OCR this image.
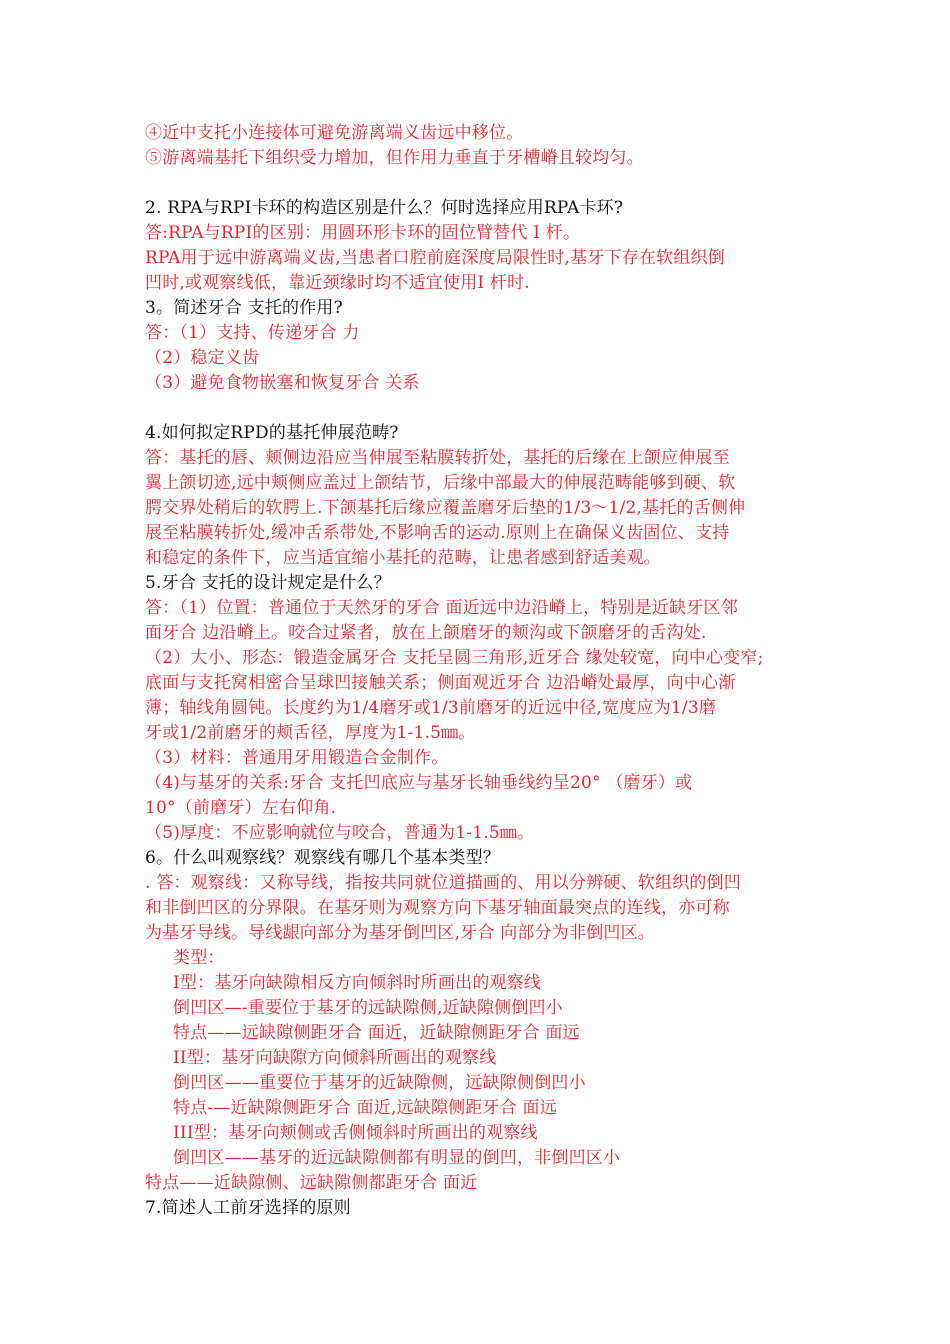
④近中支托小连接体可避免游离端义齿远中移位。
⑤游离端基托下组织受力增加，但作用力垂直于牙槽嵴且较均匀。
2. RPA与RPI卡环的构造区别是什么？何时选择应用RPA卡环?
答:RPA与RPI的区别：用圆环形卡环的固位臂替代 I 杆。
RPA用于远中游离端义齿,当患者口腔前庭深度局限性时,基牙下存在软组织倒
凹时,或观察线低，靠近颈缘时均不适宜使用I 杆时.
3。简述牙合 支托的作用?
答：（1）支持、传递牙合 力
（2）稳定义齿
（3）避免食物嵌塞和恢复牙合 关系
4.如何拟定RPD的基托伸展范畴?
答：基托的唇、颊侧边沿应当伸展至粘膜转折处，基托的后缘在上颌应伸展至
翼上颌切迹,远中颊侧应盖过上颌结节，后缘中部最大的伸展范畴能够到硬、软
腭交界处稍后的软腭上.下颌基托后缘应覆盖磨牙后垫的1/3～1/2,基托的舌侧伸
展至粘膜转折处,缓冲舌系带处,不影响舌的运动.原则上在确保义齿固位、支持
和稳定的条件下，应当适宜缩小基托的范畴，让患者感到舒适美观。
5.牙合 支托的设计规定是什么？
答：（1）位置：普通位于天然牙的牙合 面近远中边沿嵴上，特别是近缺牙区邻
面牙合 边沿嵴上。咬合过紧者，放在上颌磨牙的颊沟或下颌磨牙的舌沟处.
（2）大小、形态：锻造金属牙合 支托呈圆三角形,近牙合 缘处较宽，向中心变窄;
底面与支托窝相密合呈球凹接触关系；侧面观近牙合 边沿嵴处最厚，向中心渐
薄；轴线角圆钝。长度约为1/4磨牙或1/3前磨牙的近远中径,宽度应为1/3磨
牙或1/2前磨牙的颊舌径，厚度为1-1.5㎜。
（3）材料：普通用牙用锻造合金制作。
（4)与基牙的关系:牙合 支托凹底应与基牙长轴垂线约呈20° （磨牙）或
10°（前磨牙）左右仰角.
（5)厚度：不应影响就位与咬合，普通为1-1.5㎜。
6。什么叫观察线？观察线有哪几个基本类型？
. 答：观察线：又称导线，指按共同就位道描画的、用以分辨硬、软组织的倒凹
和非倒凹区的分界限。在基牙则为观察方向下基牙轴面最突点的连线，亦可称
为基牙导线。导线龈向部分为基牙倒凹区,牙合 向部分为非倒凹区。
类型：
I型：基牙向缺隙相反方向倾斜时所画出的观察线
倒凹区—-重要位于基牙的远缺隙侧,近缺隙侧倒凹小
特点——远缺隙侧距牙合 面近，近缺隙侧距牙合 面远
II型：基牙向缺隙方向倾斜所画出的观察线
倒凹区——重要位于基牙的近缺隙侧，远缺隙侧倒凹小
特点-—近缺隙侧距牙合 面近,远缺隙侧距牙合 面远
III型：基牙向颊侧或舌侧倾斜时所画出的观察线
倒凹区——基牙的近远缺隙侧都有明显的倒凹，非倒凹区小
特点——近缺隙侧、远缺隙侧都距牙合 面近
7.简述人工前牙选择的原则
